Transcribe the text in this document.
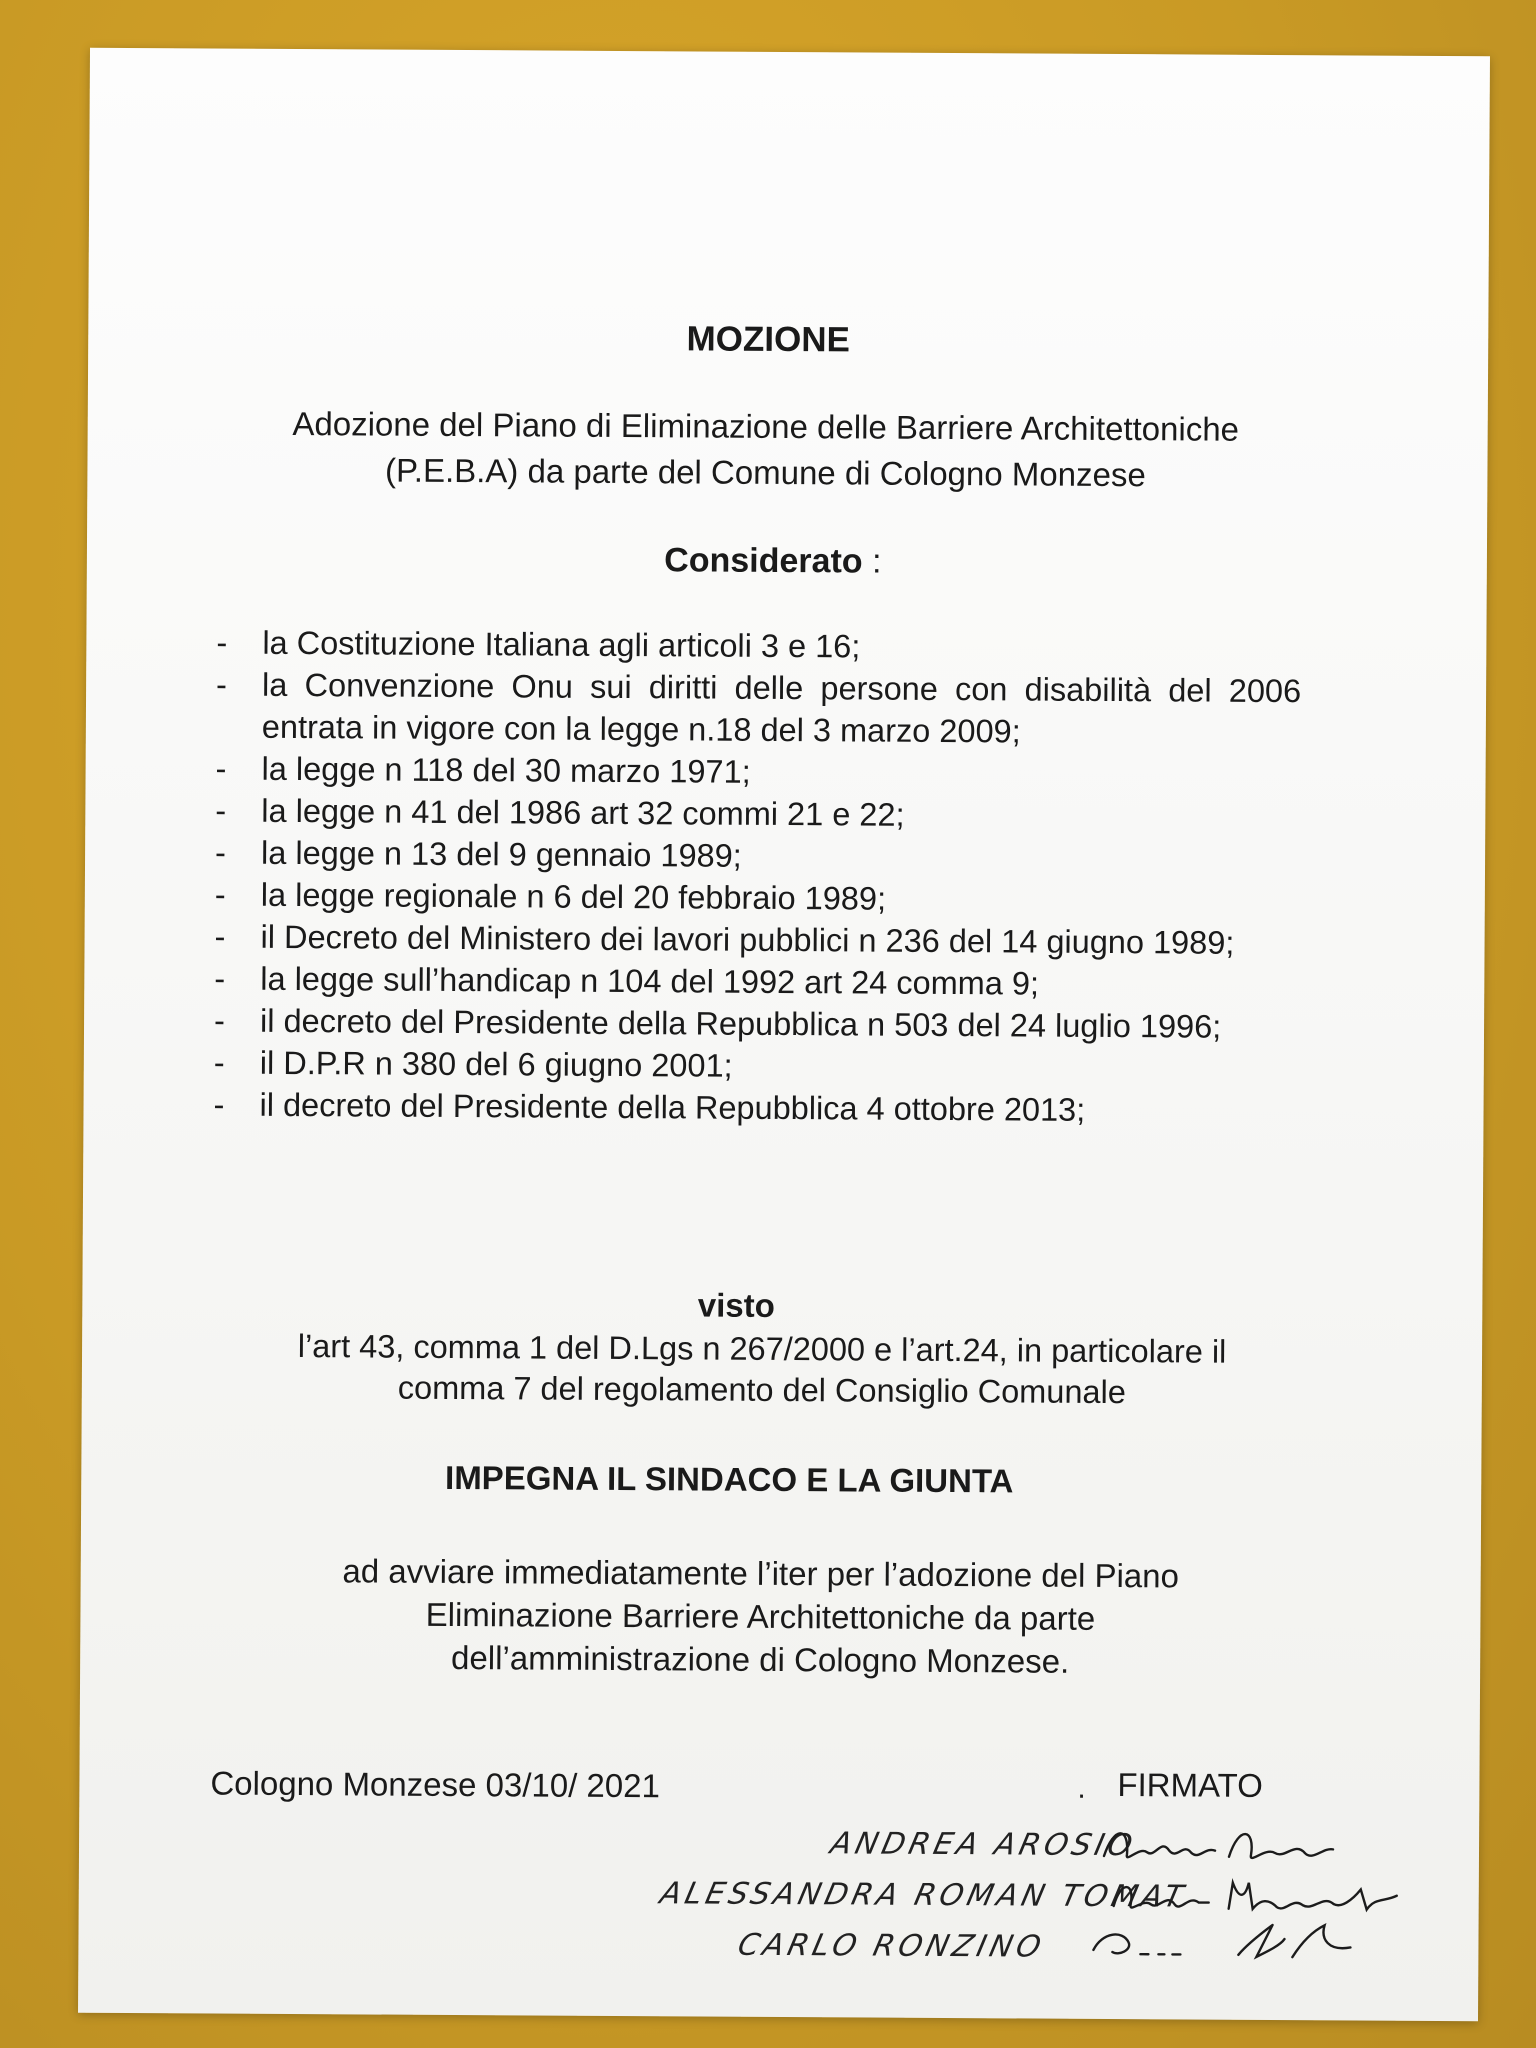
MOZIONE
Adozione del Piano di Eliminazione delle Barriere Architettoniche
(P.E.B.A) da parte del Comune di Cologno Monzese
Considerato :
- la Costituzione Italiana agli articoli 3 e 16;
- la Convenzione Onu sui diritti delle persone con disabilità del 2006 entrata in vigore con la legge n.18 del 3 marzo 2009;
- la legge n 118 del 30 marzo 1971;
- la legge n 41 del 1986 art 32 commi 21 e 22;
- la legge n 13 del 9 gennaio 1989;
- la legge regionale n 6 del 20 febbraio 1989;
- il Decreto del Ministero dei lavori pubblici n 236 del 14 giugno 1989;
- la legge sull’handicap n 104 del 1992 art 24 comma 9;
- il decreto del Presidente della Repubblica n 503 del 24 luglio 1996;
- il D.P.R n 380 del 6 giugno 2001;
- il decreto del Presidente della Repubblica 4 ottobre 2013;
visto
l’art 43, comma 1 del D.Lgs n 267/2000 e l’art.24, in particolare il
comma 7 del regolamento del Consiglio Comunale
IMPEGNA IL SINDACO E LA GIUNTA
ad avviare immediatamente l’iter per l’adozione del Piano
Eliminazione Barriere Architettoniche da parte
dell’amministrazione di Cologno Monzese.
Cologno Monzese 03/10/ 2021	. FIRMATO
ANDREA AROSIO
ALESSANDRA ROMAN TOMAT
CARLO RONZINO
